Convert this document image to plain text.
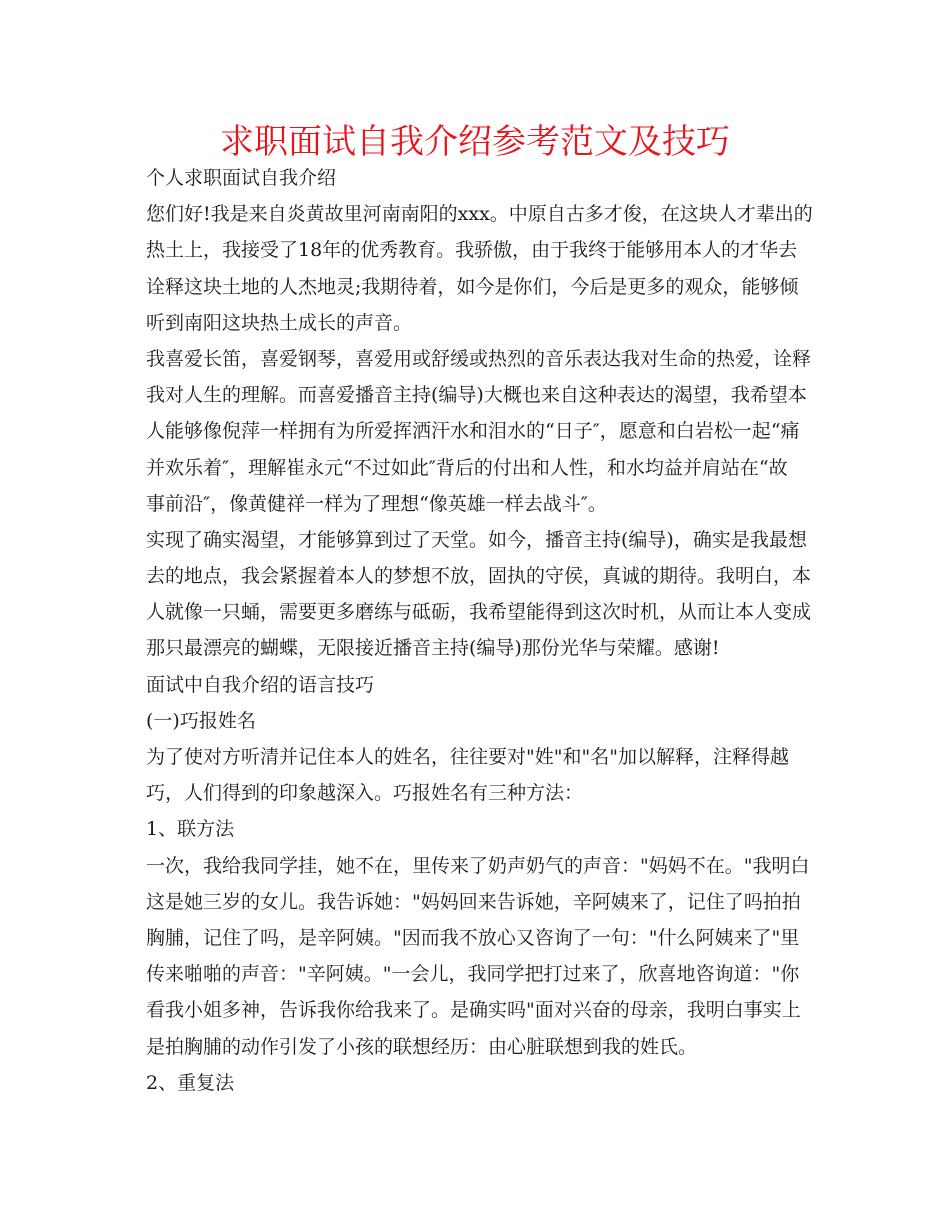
求职面试自我介绍参考范文及技巧
个人求职面试自我介绍
您们好!我是来自炎黄故里河南南阳的xxx。中原自古多才俊，在这块人才辈出的
热土上，我接受了18年的优秀教育。我骄傲，由于我终于能够用本人的才华去
诠释这块土地的人杰地灵;我期待着，如今是你们，今后是更多的观众，能够倾
听到南阳这块热土成长的声音。
我喜爱长笛，喜爱钢琴，喜爱用或舒缓或热烈的音乐表达我对生命的热爱，诠释
我对人生的理解。而喜爱播音主持(编导)大概也来自这种表达的渴望，我希望本
人能够像倪萍一样拥有为所爱挥洒汗水和泪水的“日子″，愿意和白岩松一起“痛
并欢乐着″，理解崔永元“不过如此″背后的付出和人性，和水均益并肩站在“故
事前沿″，像黄健祥一样为了理想“像英雄一样去战斗″。
实现了确实渴望，才能够算到过了天堂。如今，播音主持(编导)，确实是我最想
去的地点，我会紧握着本人的梦想不放，固执的守侯，真诚的期待。我明白，本
人就像一只蛹，需要更多磨练与砥砺，我希望能得到这次时机，从而让本人变成
那只最漂亮的蝴蝶，无限接近播音主持(编导)那份光华与荣耀。感谢!
面试中自我介绍的语言技巧
(一)巧报姓名
为了使对方听清并记住本人的姓名，往往要对"姓"和"名"加以解释，注释得越
巧，人们得到的印象越深入。巧报姓名有三种方法：
1、联方法
一次，我给我同学挂，她不在，里传来了奶声奶气的声音："妈妈不在。"我明白
这是她三岁的女儿。我告诉她："妈妈回来告诉她，辛阿姨来了，记住了吗拍拍
胸脯，记住了吗，是辛阿姨。"因而我不放心又咨询了一句："什么阿姨来了"里
传来啪啪的声音："辛阿姨。"一会儿，我同学把打过来了，欣喜地咨询道："你
看我小姐多神，告诉我你给我来了。是确实吗"面对兴奋的母亲，我明白事实上
是拍胸脯的动作引发了小孩的联想经历：由心脏联想到我的姓氏。
2、重复法
